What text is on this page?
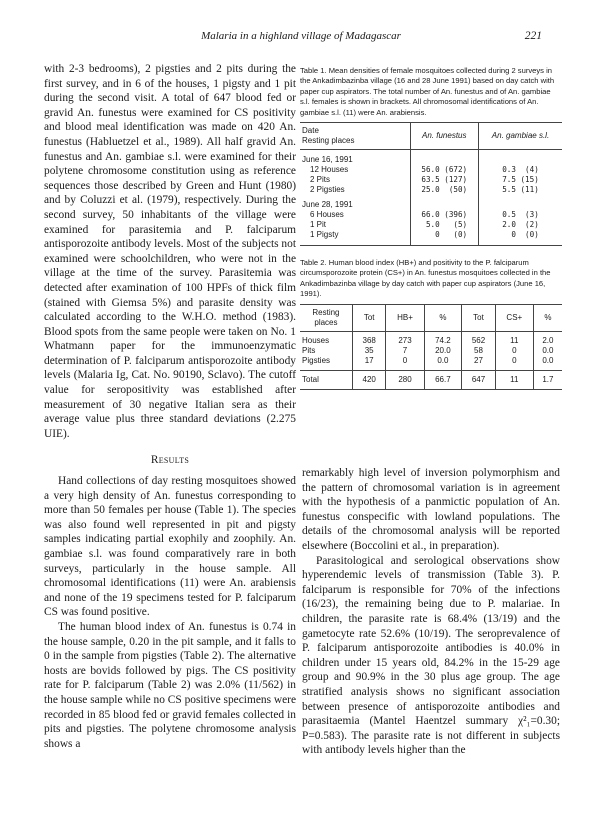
Malaria in a highland village of Madagascar	221

with 2-3 bedrooms), 2 pigsties and 2 pits during the first survey, and in 6 of the houses, 1 pigsty and 1 pit during the second visit. A total of 647 blood fed or gravid An. funestus were examined for CS positivity and blood meal identification was made on 420 An. funestus (Habluetzel et al., 1989). All half gravid An. funestus and An. gambiae s.l. were examined for their polytene chromosome constitution using as reference sequences those described by Green and Hunt (1980) and by Coluzzi et al. (1979), respectively. During the second survey, 50 inhabitants of the village were examined for parasitemia and P. falciparum antisporozoite antibody levels. Most of the subjects not examined were schoolchildren, who were not in the village at the time of the survey. Parasitemia was detected after examination of 100 HPFs of thick film (stained with Giemsa 5%) and parasite density was calculated according to the W.H.O. method (1983). Blood spots from the same people were taken on No. 1 Whatmann paper for the immunoenzymatic determination of P. falciparum antisporozoite antibody levels (Malaria Ig, Cat. No. 90190, Sclavo). The cutoff value for seropositivity was established after measurement of 30 negative Italian sera as their average value plus three standard deviations (2.275 UIE).

Results

Hand collections of day resting mosquitoes showed a very high density of An. funestus corresponding to more than 50 females per house (Table 1). The species was also found well represented in pit and pigsty samples indicating partial exophily and zoophily. An. gambiae s.l. was found comparatively rare in both surveys, particularly in the house sample. All chromosomal identifications (11) were An. arabiensis and none of the 19 specimens tested for P. falciparum CS was found positive.

The human blood index of An. funestus is 0.74 in the house sample, 0.20 in the pit sample, and it falls to 0 in the sample from pigsties (Table 2). The alternative hosts are bovids followed by pigs. The CS positivity rate for P. falciparum (Table 2) was 2.0% (11/562) in the house sample while no CS positive specimens were recorded in 85 blood fed or gravid females collected in pits and pigsties. The polytene chromosome analysis shows a

Table 1. Mean densities of female mosquitoes collected during 2 surveys in the Ankadimbazinba village (16 and 28 June 1991) based on day catch with paper cup aspirators. The total number of An. funestus and of An. gambiae s.l. females is shown in brackets. All chromosomal identifications of An. gambiae s.l. (11) were An. arabiensis.
Date
Resting places	An. funestus	An. gambiae s.l.
June 16, 1991		
12 Houses	56.0 (672)	0.3  (4)
2 Pits	63.5 (127)	7.5 (15)
2 Pigsties	25.0  (50)	5.5 (11)
June 28, 1991		
6 Houses	66.0 (396)	0.5  (3)
1 Pit	5.0   (5)	2.0  (2)
1 Pigsty	0   (0)	0  (0)
Table 2. Human blood index (HB+) and positivity to the P. falciparum circumsporozoite protein (CS+) in An. funestus mosquitoes collected in the Ankadimbazinba village by day catch with paper cup aspirators (June 16, 1991).
Resting places	Tot	HB+	%	Tot	CS+	%
Houses	368	273	74.2	562	11	2.0
Pits	35	7	20.0	58	0	0.0
Pigsties	17	0	0.0	27	0	0.0
Total	420	280	66.7	647	11	1.7

remarkably high level of inversion polymorphism and the pattern of chromosomal variation is in agreement with the hypothesis of a panmictic population of An. funestus conspecific with lowland populations. The details of the chromosomal analysis will be reported elsewhere (Boccolini et al., in preparation).

Parasitological and serological observations show hyperendemic levels of transmission (Table 3). P. falciparum is responsible for 70% of the infections (16/23), the remaining being due to P. malariae. In children, the parasite rate is 68.4% (13/19) and the gametocyte rate 52.6% (10/19). The seroprevalence of P. falciparum antisporozoite antibodies is 40.0% in children under 15 years old, 84.2% in the 15-29 age group and 90.9% in the 30 plus age group. The age stratified analysis shows no significant association between presence of antisporozoite antibodies and parasitaemia (Mantel Haentzel summary χ²₁=0.30; P=0.583). The parasite rate is not different in subjects with antibody levels higher than the
